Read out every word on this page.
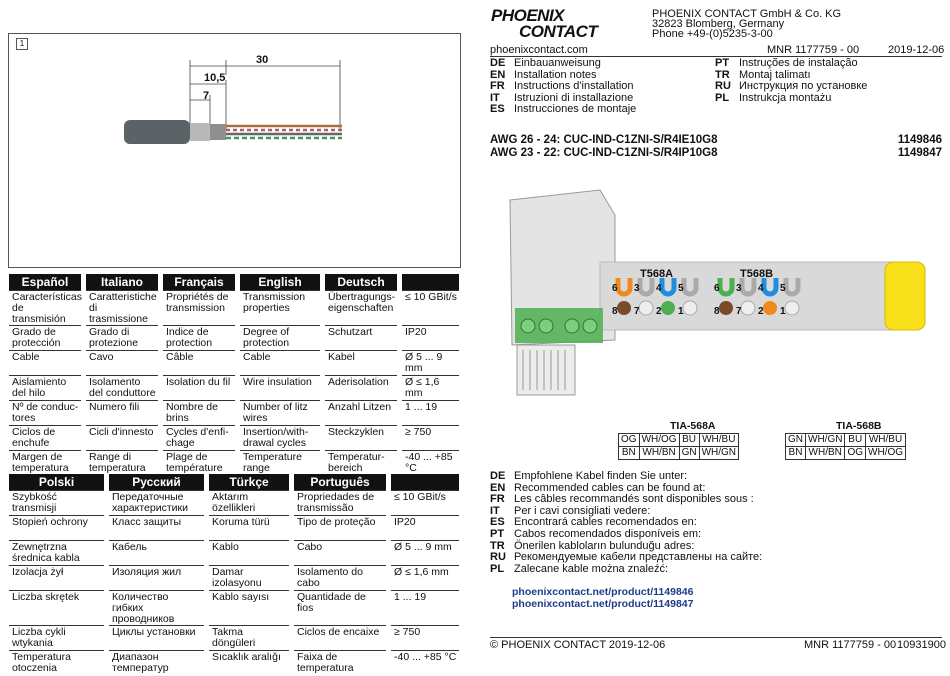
1
30
10,5
7
Español		Italiano		Français		English		Deutsch		
Características de transmisión		Caratteristiche di trasmissione		Propriétés de transmission		Transmission properties		Übertragungs-eigenschaften		≤ 10 GBit/s
Grado de protección		Grado di protezione		Indice de protection		Degree of protection		Schutzart		IP20
Cable		Cavo		Câble		Cable		Kabel		Ø 5 ... 9 mm
Aislamiento del hilo		Isolamento del conduttore		Isolation du fil		Wire insulation		Aderisolation		Ø ≤ 1,6 mm
Nº de conduc-tores		Numero fili		Nombre de brins		Number of litz wires		Anzahl Litzen		1 ... 19
Ciclos de enchufe		Cicli d'innesto		Cycles d'enfi-chage		Insertion/with-drawal cycles		Steckzyklen		≥ 750
Margen de temperatura		Range di temperatura		Plage de température		Temperature range		Temperatur-bereich		-40 ... +85 °C
Polski		Русский		Türkçe		Português		
Szybkość transmisji		Передаточные характеристики		Aktarım özellikleri		Propriedades de transmissão		≤ 10 GBit/s
Stopień ochrony		Класс защиты		Koruma türü		Tipo de proteção		IP20
Zewnętrzna średnica kabla		Кабель		Kablo		Cabo		Ø 5 ... 9 mm
Izolacja żył		Изоляция жил		Damar izolasyonu		Isolamento do cabo		Ø ≤ 1,6 mm
Liczba skrętek		Количество гибких проводников		Kablo sayısı		Quantidade de fios		1 ... 19
Liczba cykli wtykania		Циклы установки		Takma döngüleri		Ciclos de encaixe		≥ 750
Temperatura otoczenia		Диапазон температур		Sıcaklık aralığı		Faixa de temperatura		-40 ... +85 °C
PHOENIX
CONTACT
PHOENIX CONTACT GmbH & Co. KG
32823 Blomberg, Germany
Phone +49-(0)5235-3-00
phoenixcontact.com	MNR 1177759 - 00	2019-12-06
DE Einbauanweisung
EN Installation notes
FR Instructions d'installation
IT Istruzioni di installazione
ES Instrucciones de montaje
PT Instruções de instalação
TR Montaj talimatı
RU Инструкция по установке
PL Instrukcja montażu
AWG 26 - 24: CUC-IND-C1ZNI-S/R4IE10G8	1149846
AWG 23 - 22: CUC-IND-C1ZNI-S/R4IP10G8	1149847
T568A	T568B
6	3	4	5
8	7	2	1
6	3	4	5
8	7	2	1
TIA-568A	TIA-568B
OG	WH/OG	BU	WH/BU
BN	WH/BN	GN	WH/GN
GN	WH/GN	BU	WH/BU
BN	WH/BN	OG	WH/OG
DE Empfohlene Kabel finden Sie unter:
EN Recommended cables can be found at:
FR Les câbles recommandés sont disponibles sous :
IT Per i cavi consigliati vedere:
ES Encontrará cables recomendados en:
PT Cabos recomendados disponíveis em:
TR Önerilen kabloların bulunduğu adres:
RU Рекомендуемые кабели представлены на сайте:
PL Zalecane kable można znaleźć:
phoenixcontact.net/product/1149846
phoenixcontact.net/product/1149847
© PHOENIX CONTACT 2019-12-06	MNR 1177759 - 00 10931900
